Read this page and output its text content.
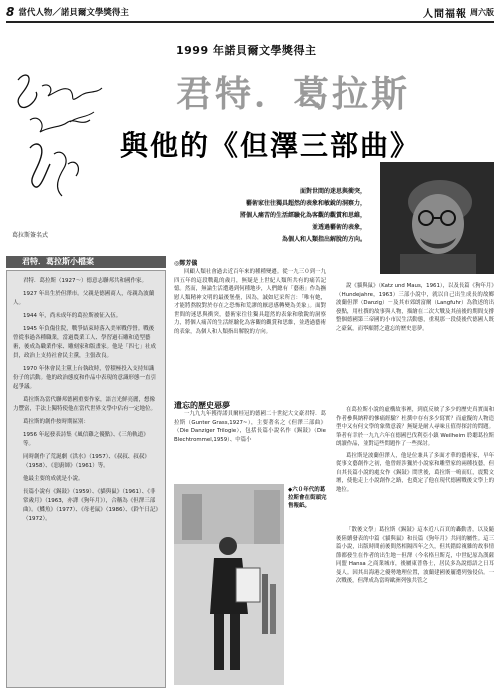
8 當代人物／諾貝爾文學獎得主	人間福報 周六版
葛拉斯簽名式
1999 年諾貝爾文學獎得主
君特．葛拉斯
與他的《但澤三部曲》
面對世間的迷思與衝突，
藝術家往往獨具超然的表象和敏銳的洞察力，
將個人痛苦的生活經驗化為客觀的觀賞和思維，
並透過藝術的表象，
為個人和人類指出解脫的方向。
君特．葛拉斯小檔案

君特．葛拉斯（1927～）德意志聯邦共和國作家。

1927 年出生於但澤市。父親是德國商人，母親為波蘭人。

1944 年，尚未成年的葛拉斯被征入伍。

1945 年負傷住院，戰爭結束時落入美軍戰俘營。戰後曾從事過各種職業，當過農業工人、學習過石雕和造型藝術，後成為職業作家、雕刻家和版畫家。他是「四七」社成員，政治上支持社會民主黨，主張改良。

1970 年休會民主黨上台執政時，曾積極投入支持知識份子的活動。他的政治態度和作品中表現的意識形態一直引起爭議。

葛拉斯為當代聯邦德國重要作家，語言光鮮亮麗，想像力豐富，手法上獨特使他在當代世界文學中佔有一定地位。

葛拉斯的創作按時期區別：

1956 年起發表詩集《風信雞之優點》、《三角軌道》等。

同時創作了荒誕劇《洪水》（1957）、《叔叔、叔叔》（1958）、《惡廚師》（1961）等。

他最主要的成就是小說。

長篇小說有《錫鼓》（1959）、《貓與鼠》（1961）、《非常歲月》（1963，亦譯《狗年月》），合稱為《但澤三部曲》。《鰈魚》（1977）、《母老鼠》（1986）、《鈴午日記》（1972）。

◎鄭芳儀

回顧人類社會過去近百年來的種種變遷。從一九三０到一九四五年的這段戰亂的歲月，無疑是上世紀人類所共有的痛苦記憶。然而，無論生活遭遇到何種地步，人們總有「藝術」作為撫慰人類精神文明的最後堡壘，因為，誠如尼采所言：「唯有她，才能將熬脫對於存在之恐怖和荒謬的厭惡感轉變為美象」。面對世間的迷思與衝突，藝術家往往獨具超然的表象和敏銳的洞察力，將個人痛苦的生活經驗化為客觀的觀賞和思維，並透過藝術的表象，為個人和人類指出解脫的方向。

遺忘的歷史惡夢

一九九九年獲得諾貝爾桂冠的德國二十世紀大文豪君特．葛拉斯（Gunter Grass,1927~），主要著名之《但澤三部曲》（Die Danziger Trilogie），包括長篇小說名作《錫鼓》（Die Blechtrommel,1959）、中篇小

說《貓與鼠》（Katz und Maus，1961），以及長篇《狗年月》（Hundejahre，1963）三部小說中，就以自己出生成長的故鄉波蘭但澤（Danzig）－及其市郊朗富爾（Langfuhr）為敘述的出發點，用杜撰的故事與人物，描繪在二次大戰及其前後的期間支撐整個德國第三帝國的小市民生活動態，重現那一段使後代德國人既之豪氣，而寧願將之遺忘的歷史惡夢。

在葛拉斯小說的虛構故事裡，到底反映了多少的歷史真實面和作者參與納粹的慘痛經驗？杜撰中存有多少寫實？而虛擬的人物造型中又有何文學的象徵意義？無疑是耐人尋味且值得探討的問題。筆者有幸於一九九六年在德國巴伐利亞小鎮 Weilheim 聆聽葛拉斯朗讀作品，並對這些問題作了一些探討。

葛拉斯是波蘭但澤人，他是位兼具了多面才華的藝術家，早年從事文藝創作之初，他曾經涉獵於小說家和雕塑家的兩種技藝，但自其長篇小說的處女作《錫鼓》問世後，葛拉斯一鳴而紅，震驚文壇，使他走上小說創作之路，也奠定了他在現代德國戰後文學上的地位。

◆六０年代的葛拉斯會在街頭完售報紙。

「散後文學」葛拉斯《錫鼓》這本近八百頁的轟動書，以及隨後陸續發表的中篇《貓與鼠》和長篇《狗年月》共同的屬性。這三篇小說，出版時間前後間然相隔四年之久，但其錯綜複雜的故事情節都發生在作者的出生地－但澤（今名格旦斯克，中世紀原為漢薩同盟 Hansa 之商業城市，後屬東普魯士，居民多為說德語之日耳曼人。因其出海港之優勢地理位置，波蘭建國後屢遭列強侵佔。一次戰後，但澤成為當時歐洲列強共管之
